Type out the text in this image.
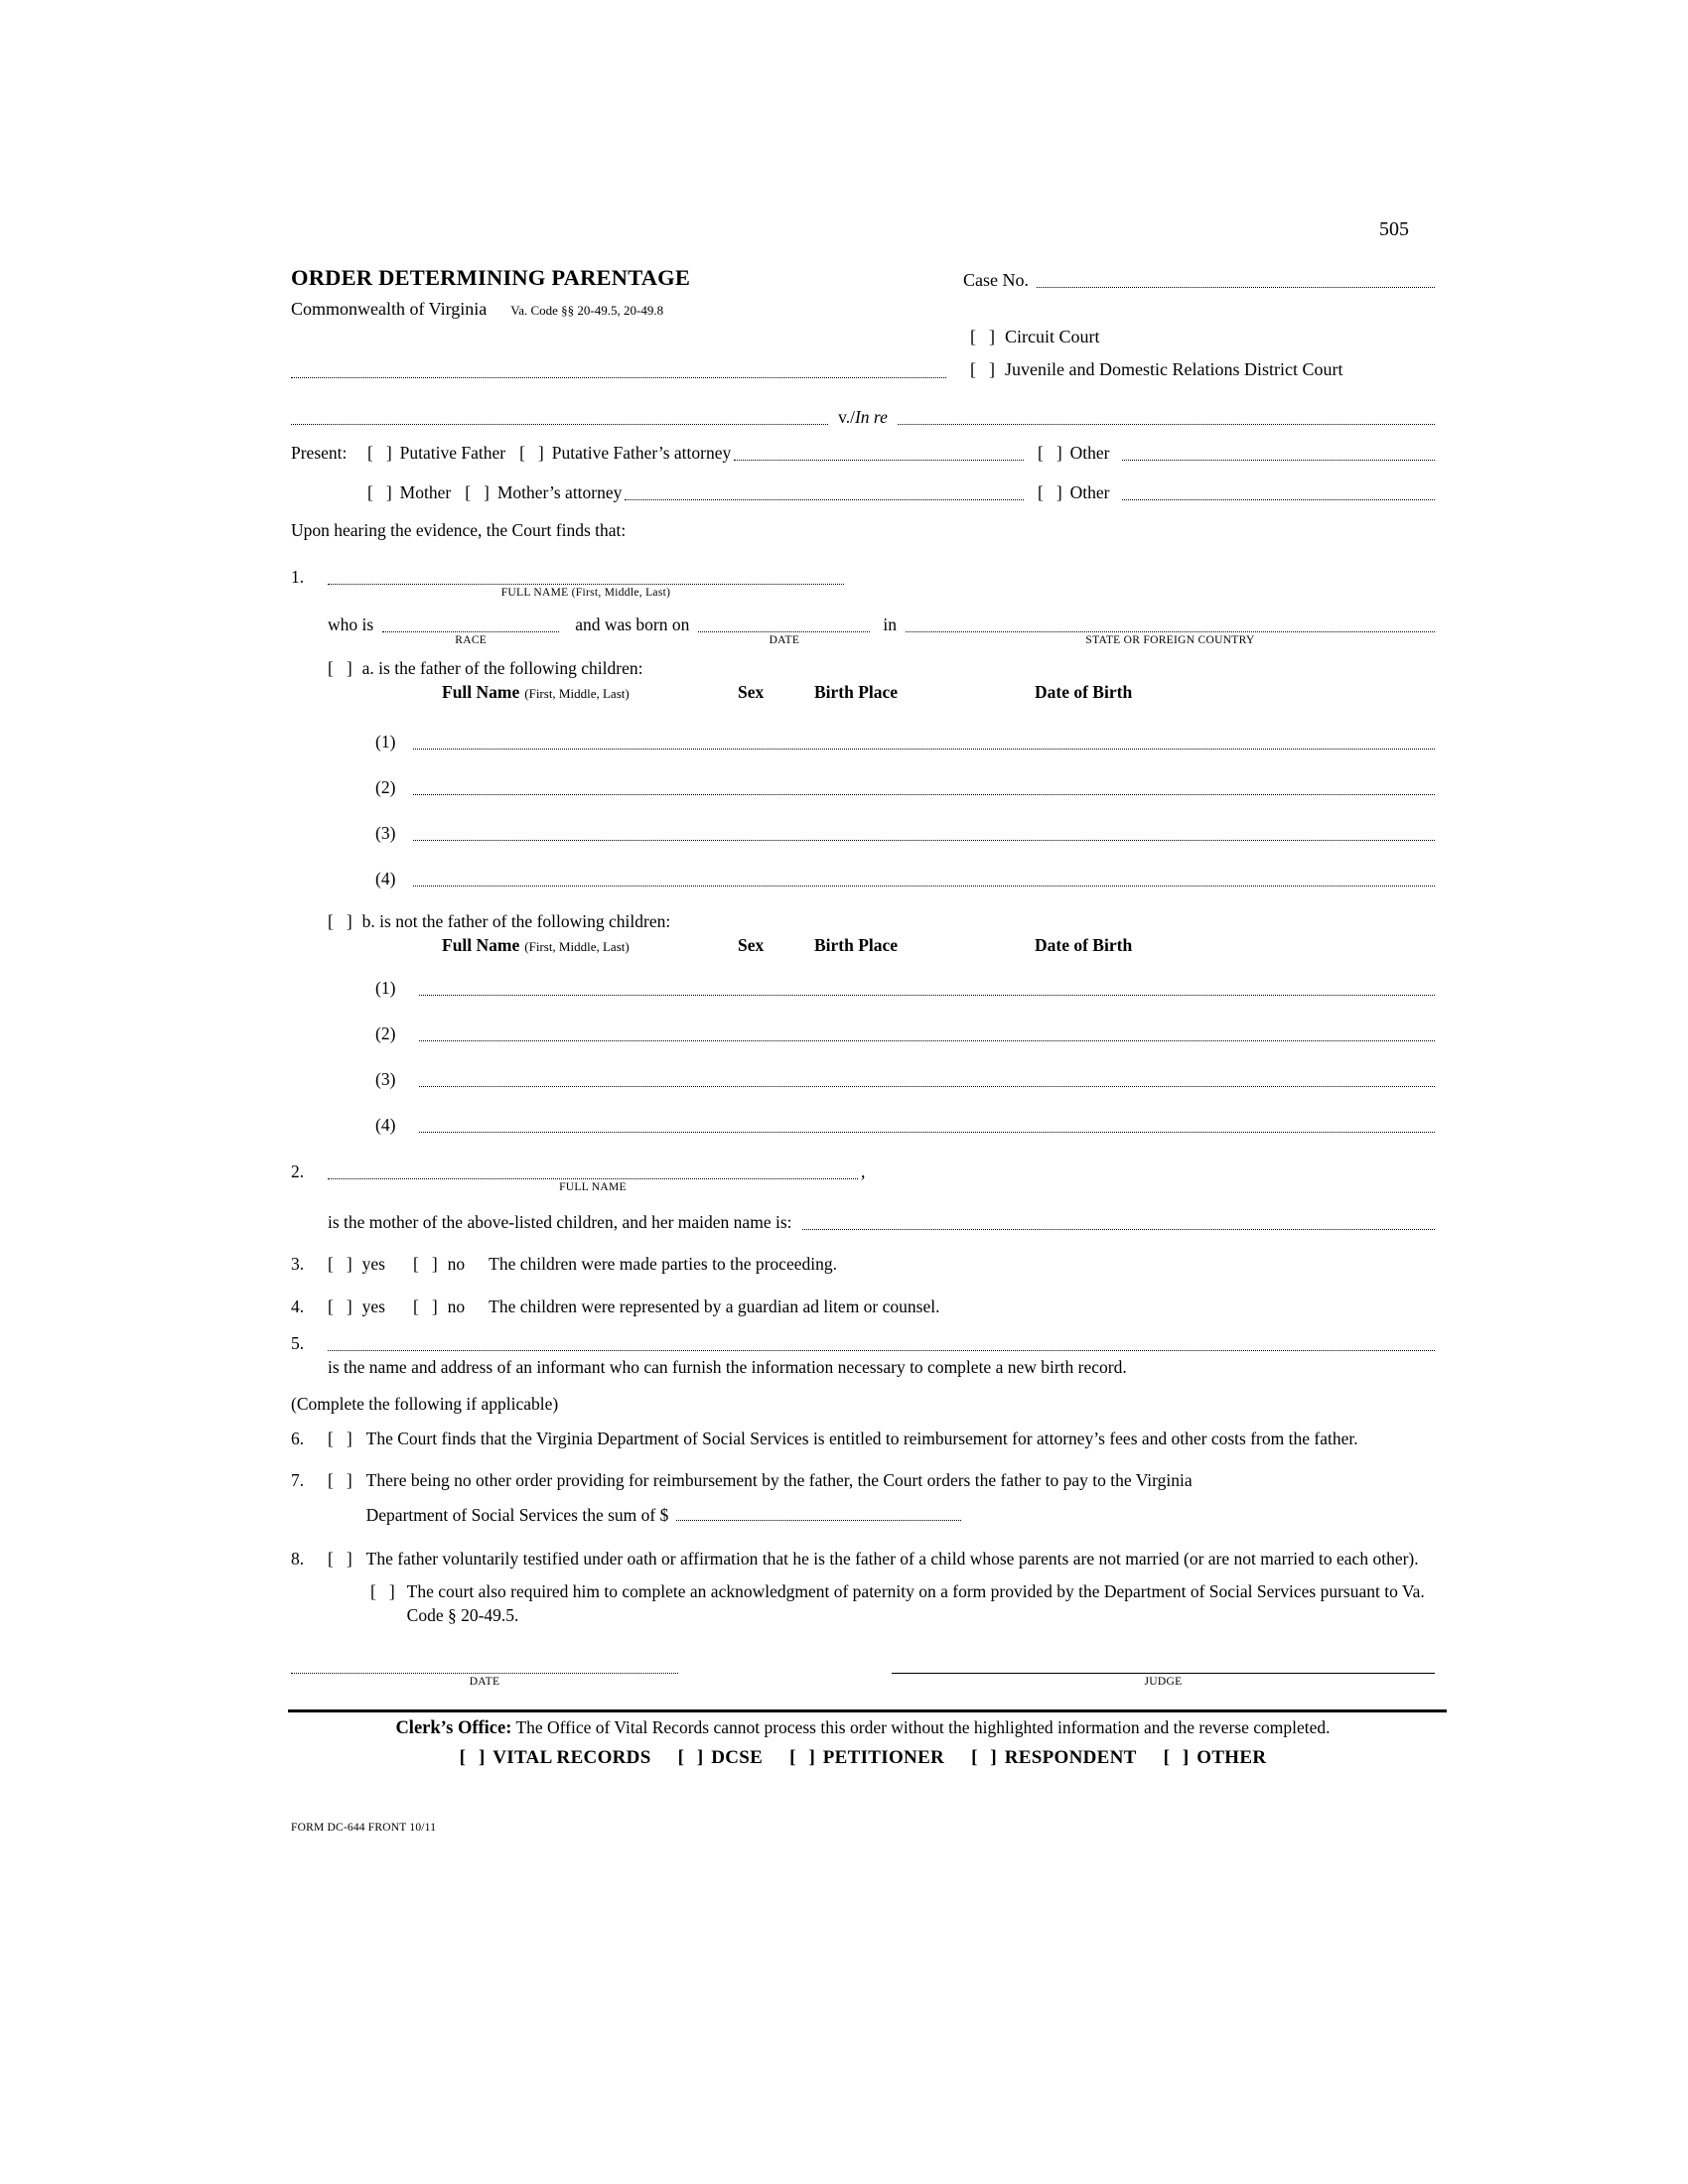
505
ORDER DETERMINING PARENTAGE
Commonwealth of Virginia Va. Code §§ 20-49.5, 20-49.8
Case No.
[ ]
Circuit Court
[ ]
Juvenile and Domestic Relations District Court
v./In re
Present: [ ]	Putative Father [ ]	Putative Father’s attorney [ ]	Other
[ ]
Mother [ ]	Mother’s attorney [ ]	Other
Upon hearing the evidence, the Court finds that:
1.
FULL NAME (First, Middle, Last)
who is
RACE
and was born on
DATE
in
STATE OR FOREIGN COUNTRY
[ ]
a. is the father of the following children:
Full Name (First, Middle, Last)	Sex	Birth Place	Date of Birth
(1)
(2)
(3)
(4)
[ ]
b. is not the father of the following children:
Full Name (First, Middle, Last)	Sex	Birth Place	Date of Birth
(1)
(2)
(3)
(4)
2.
FULL NAME
,
is the mother of the above-listed children, and her maiden name is:
3. [ ]	yes [ ]	no The children were made parties to the proceeding.
4. [ ]	yes [ ]	no The children were represented by a guardian ad litem or counsel.
5.
is the name and address of an informant who can furnish the information necessary to complete a new birth record.
(Complete the following if applicable)
6. [ ]	The Court finds that the Virginia Department of Social Services is entitled to reimbursement for attorney’s fees and other costs from the father.
7. [ ]	There being no other order providing for reimbursement by the father, the Court orders the father to pay to the Virginia
Department of Social Services the sum of $
8. [ ]	The father voluntarily testified under oath or affirmation that he is the father of a child whose parents are not married (or are not married to each other).
[ ]
The court also required him to complete an acknowledgment of paternity on a form provided by the Department of Social Services pursuant to Va. Code § 20-49.5.
DATE	JUDGE
Clerk’s Office: The Office of Vital Records cannot process this order without the highlighted information and the reverse completed.
[ ]
VITAL RECORDS [ ]	DCSE [ ]	PETITIONER [ ]	RESPONDENT [ ]	OTHER
FORM DC-644 FRONT 10/11
